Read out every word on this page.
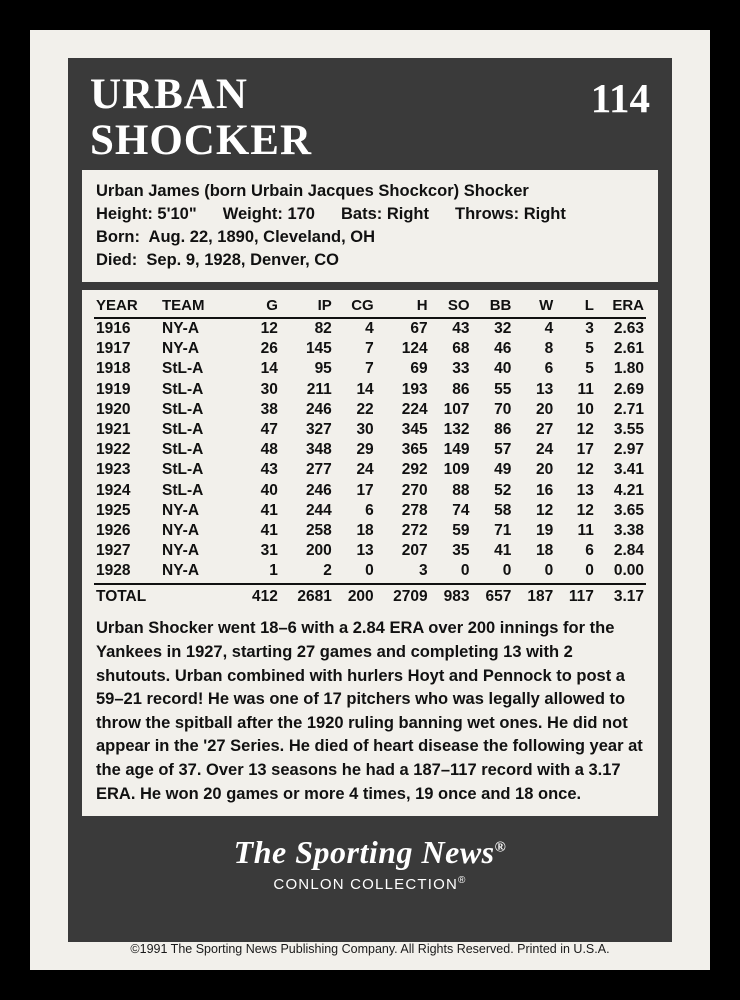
URBAN
SHOCKER
114
Urban James (born Urbain Jacques Shockcor) Shocker
Height: 5'10" Weight: 170 Bats: Right Throws: Right
Born:  Aug. 22, 1890, Cleveland, OH
Died:  Sep. 9, 1928, Denver, CO
YEAR	TEAM	G	IP	CG	H	SO	BB	W	L	ERA
1916	NY-A	12	82	4	67	43	32	4	3	2.63
1917	NY-A	26	145	7	124	68	46	8	5	2.61
1918	StL-A	14	95	7	69	33	40	6	5	1.80
1919	StL-A	30	211	14	193	86	55	13	11	2.69
1920	StL-A	38	246	22	224	107	70	20	10	2.71
1921	StL-A	47	327	30	345	132	86	27	12	3.55
1922	StL-A	48	348	29	365	149	57	24	17	2.97
1923	StL-A	43	277	24	292	109	49	20	12	3.41
1924	StL-A	40	246	17	270	88	52	16	13	4.21
1925	NY-A	41	244	6	278	74	58	12	12	3.65
1926	NY-A	41	258	18	272	59	71	19	11	3.38
1927	NY-A	31	200	13	207	35	41	18	6	2.84
1928	NY-A	1	2	0	3	0	0	0	0	0.00
TOTAL		412	2681	200	2709	983	657	187	117	3.17

Urban Shocker went 18–6 with a 2.84 ERA over 200 innings for the Yankees in 1927, starting 27 games and completing 13 with 2 shutouts. Urban combined with hurlers Hoyt and Pennock to post a 59–21 record! He was one of 17 pitchers who was legally allowed to throw the spitball after the 1920 ruling banning wet ones. He did not appear in the '27 Series. He died of heart disease the following year at the age of 37. Over 13 seasons he had a 187–117 record with a 3.17 ERA. He won 20 games or more 4 times, 19 once and 18 once.

The Sporting News®
CONLON COLLECTION®
©1991 The Sporting News Publishing Company. All Rights Reserved. Printed in U.S.A.
